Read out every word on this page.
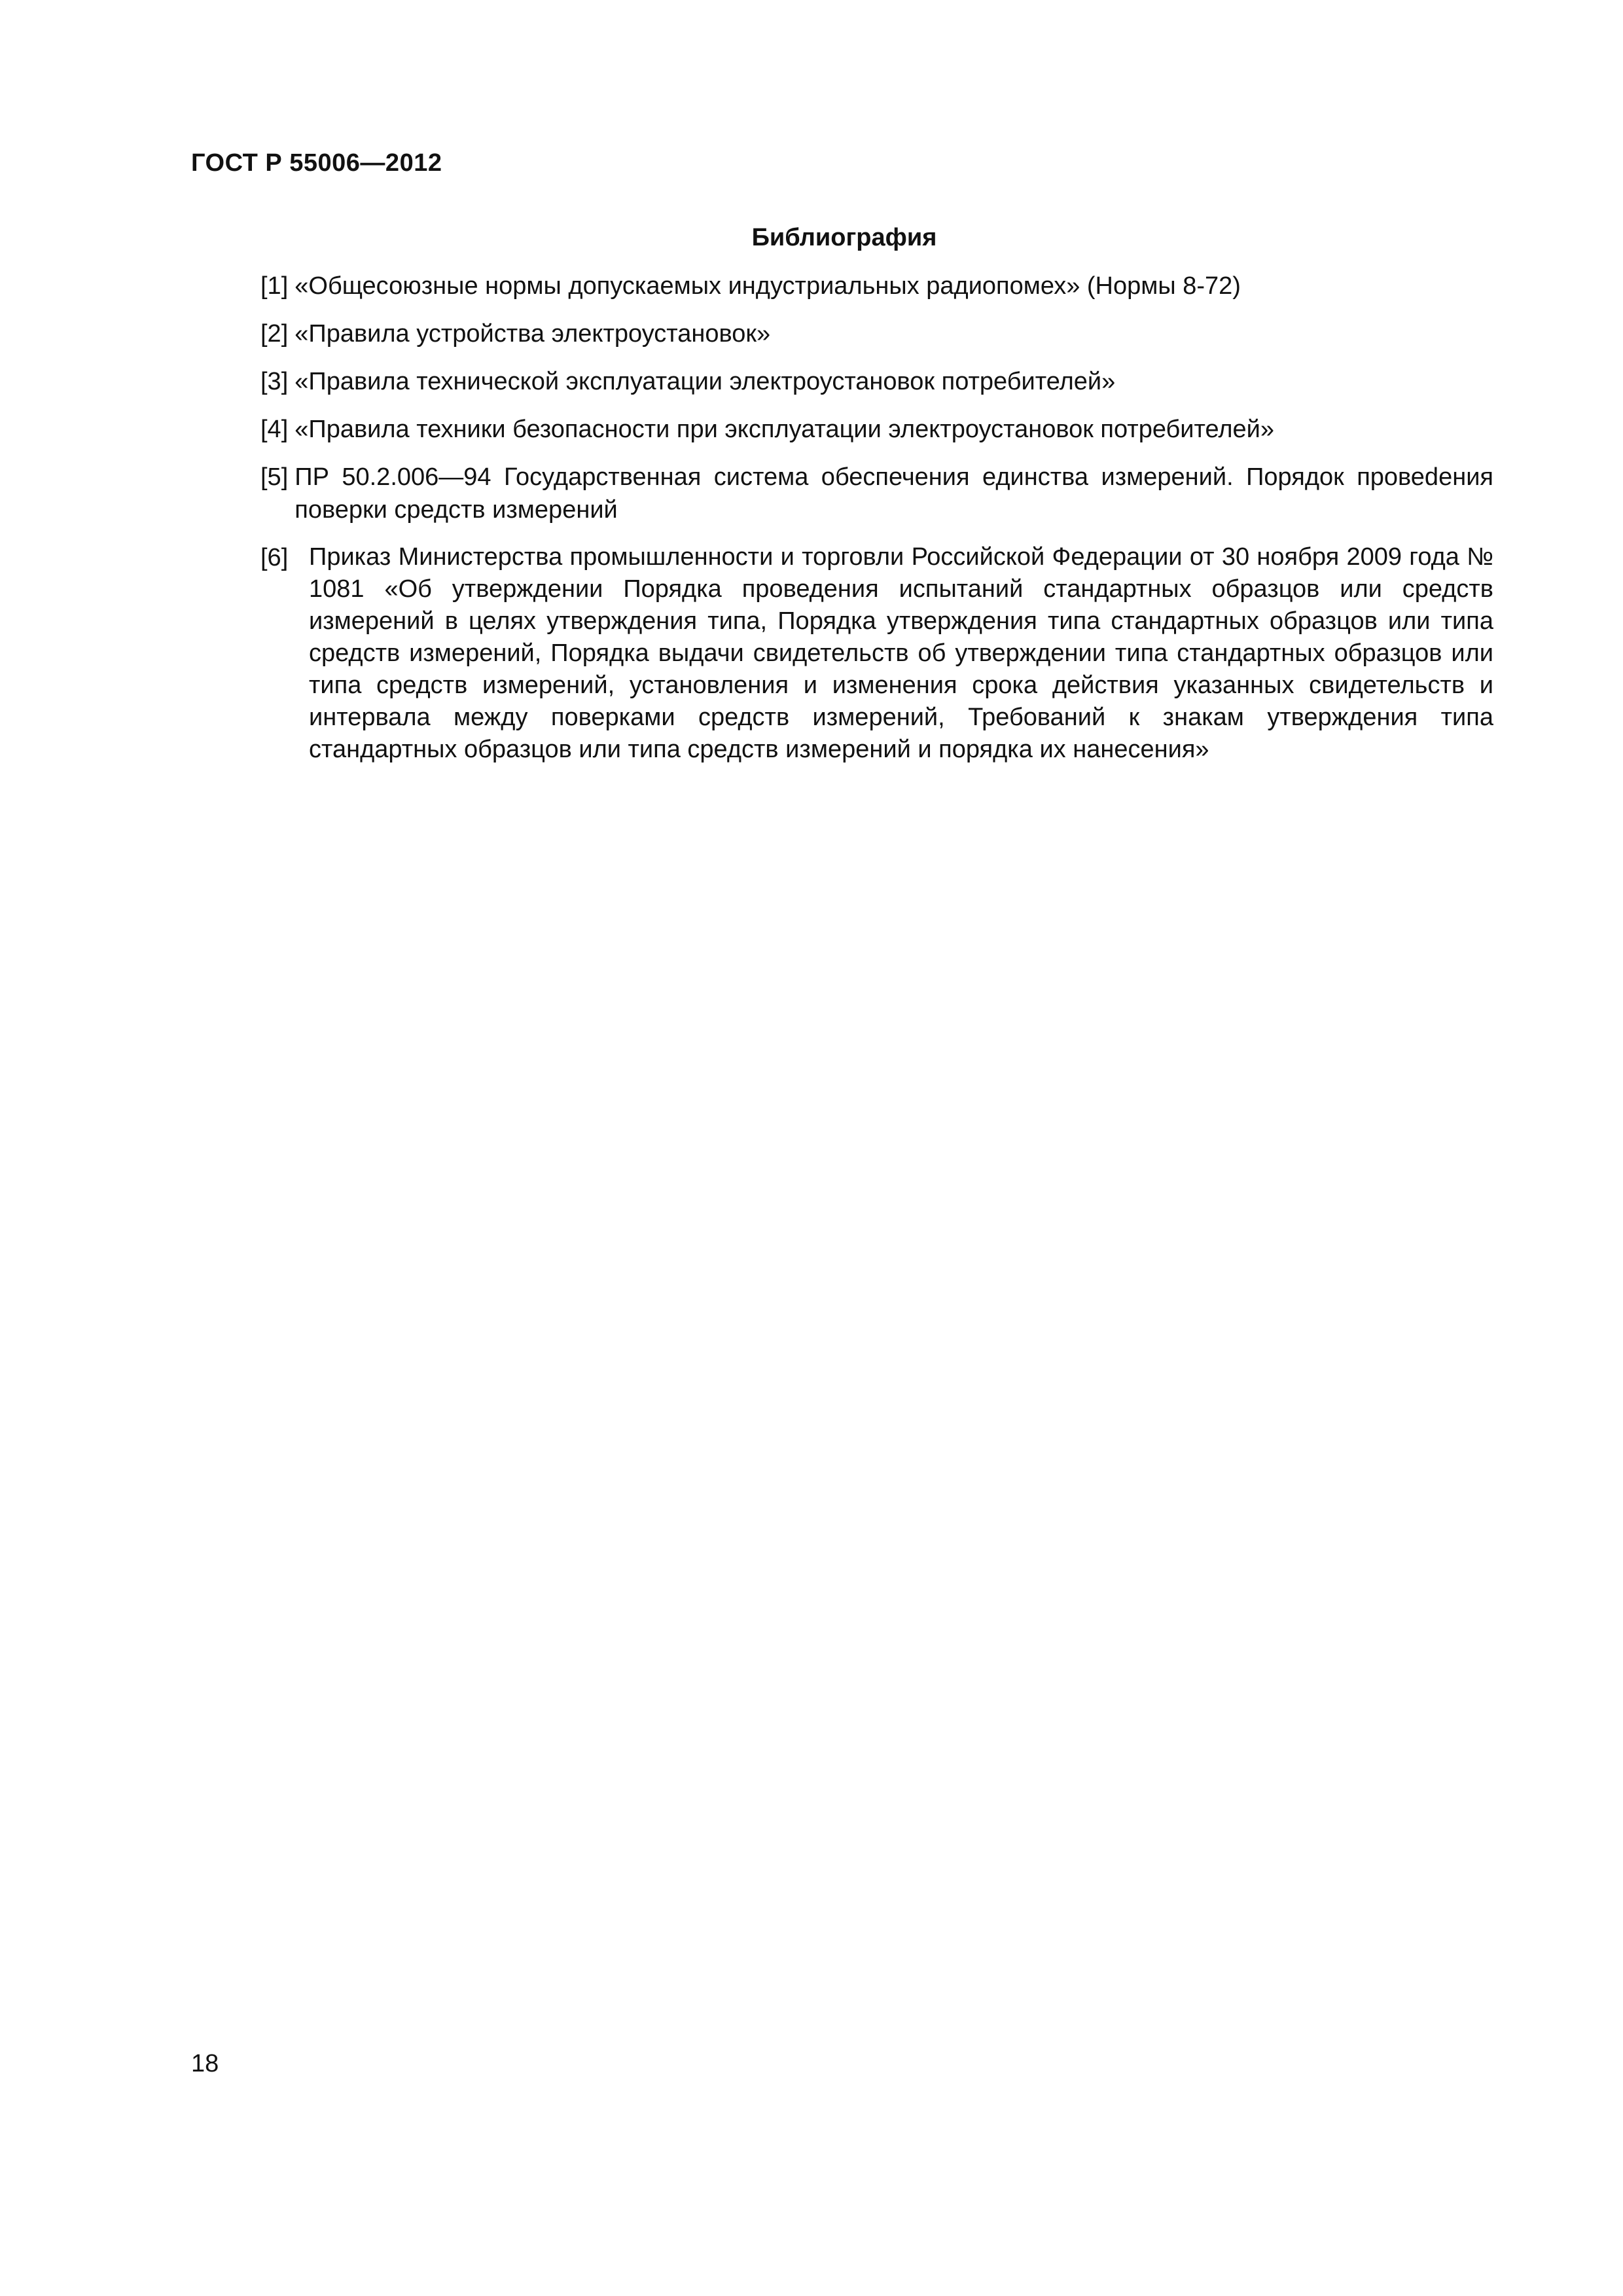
ГОСТ Р 55006—2012
Библиография
[1] «Общесоюзные нормы допускаемых индустриальных радиопомех» (Нормы 8-72)
[2] «Правила устройства электроустановок»
[3] «Правила технической эксплуатации электроустановок потребителей»
[4] «Правила техники безопасности при эксплуатации электроустановок потребителей»
[5] ПР 50.2.006—94 Государственная система обеспечения единства измерений. Порядок провеdения поверки средств измерений
[6] Приказ Министерства промышленности и торговли Российской Федерации от 30 ноября 2009 года № 1081 «Об утверждении Порядка проведения испытаний стандартных образцов или средств измерений в целях утверждения типа, Порядка утверждения типа стандартных образцов или типа средств измерений, Порядка выдачи свидетельств об утверждении типа стандартных образцов или типа средств измерений, установления и изменения срока действия указанных свидетельств и интервала между поверками средств измерений, Требований к знакам утверждения типа стандартных образцов или типа средств измерений и порядка их нанесения»
18
